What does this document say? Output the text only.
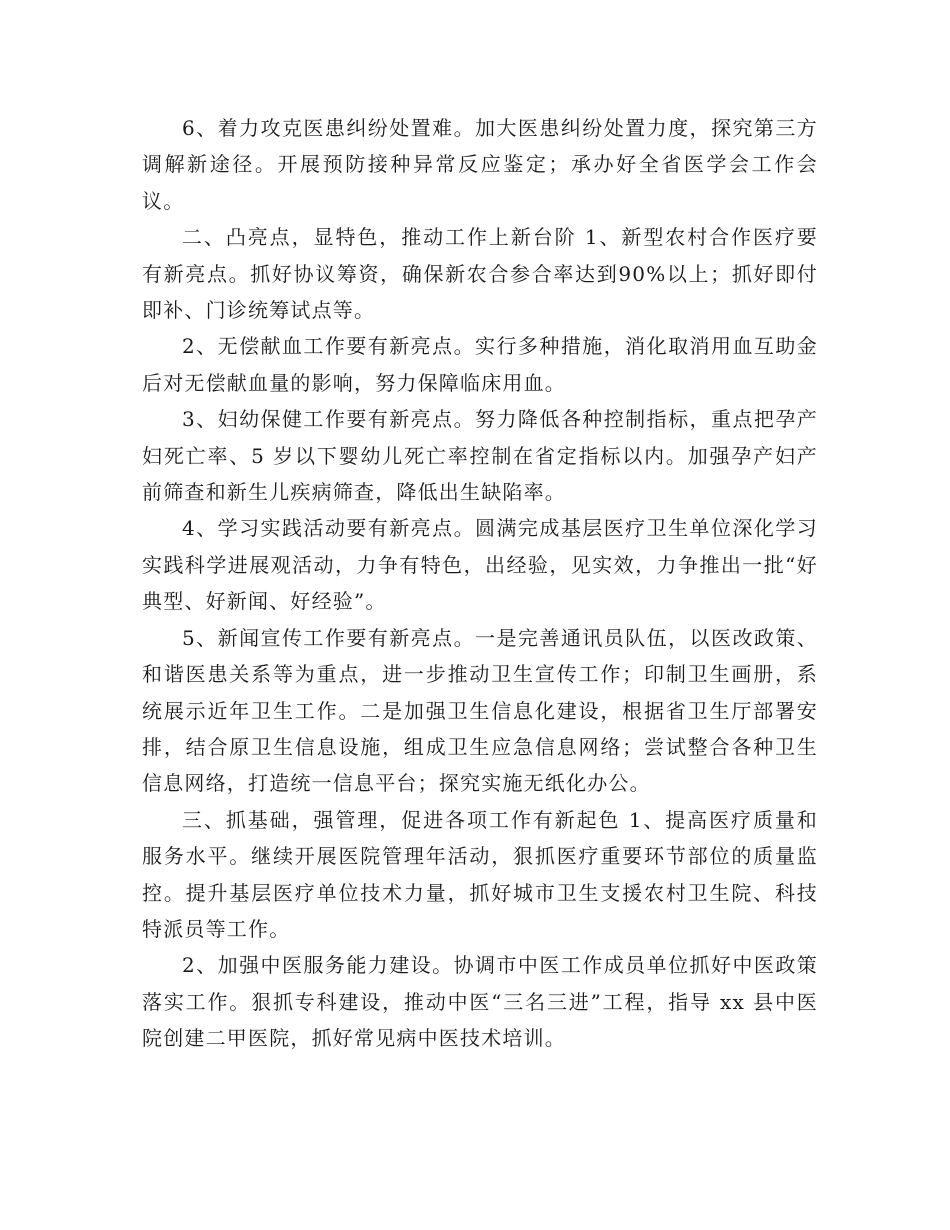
6、着力攻克医患纠纷处置难。加大医患纠纷处置力度，探究第三方调解新途径。开展预防接种异常反应鉴定；承办好全省医学会工作会议。

二、凸亮点，显特色，推动工作上新台阶 1、新型农村合作医疗要有新亮点。抓好协议筹资，确保新农合参合率达到90%以上；抓好即付即补、门诊统筹试点等。

2、无偿献血工作要有新亮点。实行多种措施，消化取消用血互助金后对无偿献血量的影响，努力保障临床用血。

3、妇幼保健工作要有新亮点。努力降低各种控制指标，重点把孕产妇死亡率、5 岁以下婴幼儿死亡率控制在省定指标以内。加强孕产妇产前筛查和新生儿疾病筛查，降低出生缺陷率。

4、学习实践活动要有新亮点。圆满完成基层医疗卫生单位深化学习实践科学进展观活动，力争有特色，出经验，见实效，力争推出一批“好典型、好新闻、好经验”。

5、新闻宣传工作要有新亮点。一是完善通讯员队伍，以医改政策、和谐医患关系等为重点，进一步推动卫生宣传工作；印制卫生画册，系统展示近年卫生工作。二是加强卫生信息化建设，根据省卫生厅部署安排，结合原卫生信息设施，组成卫生应急信息网络；尝试整合各种卫生信息网络，打造统一信息平台；探究实施无纸化办公。

三、抓基础，强管理，促进各项工作有新起色 1、提高医疗质量和服务水平。继续开展医院管理年活动，狠抓医疗重要环节部位的质量监控。提升基层医疗单位技术力量，抓好城市卫生支援农村卫生院、科技特派员等工作。

2、加强中医服务能力建设。协调市中医工作成员单位抓好中医政策落实工作。狠抓专科建设，推动中医“三名三进”工程，指导 xx 县中医院创建二甲医院，抓好常见病中医技术培训。
